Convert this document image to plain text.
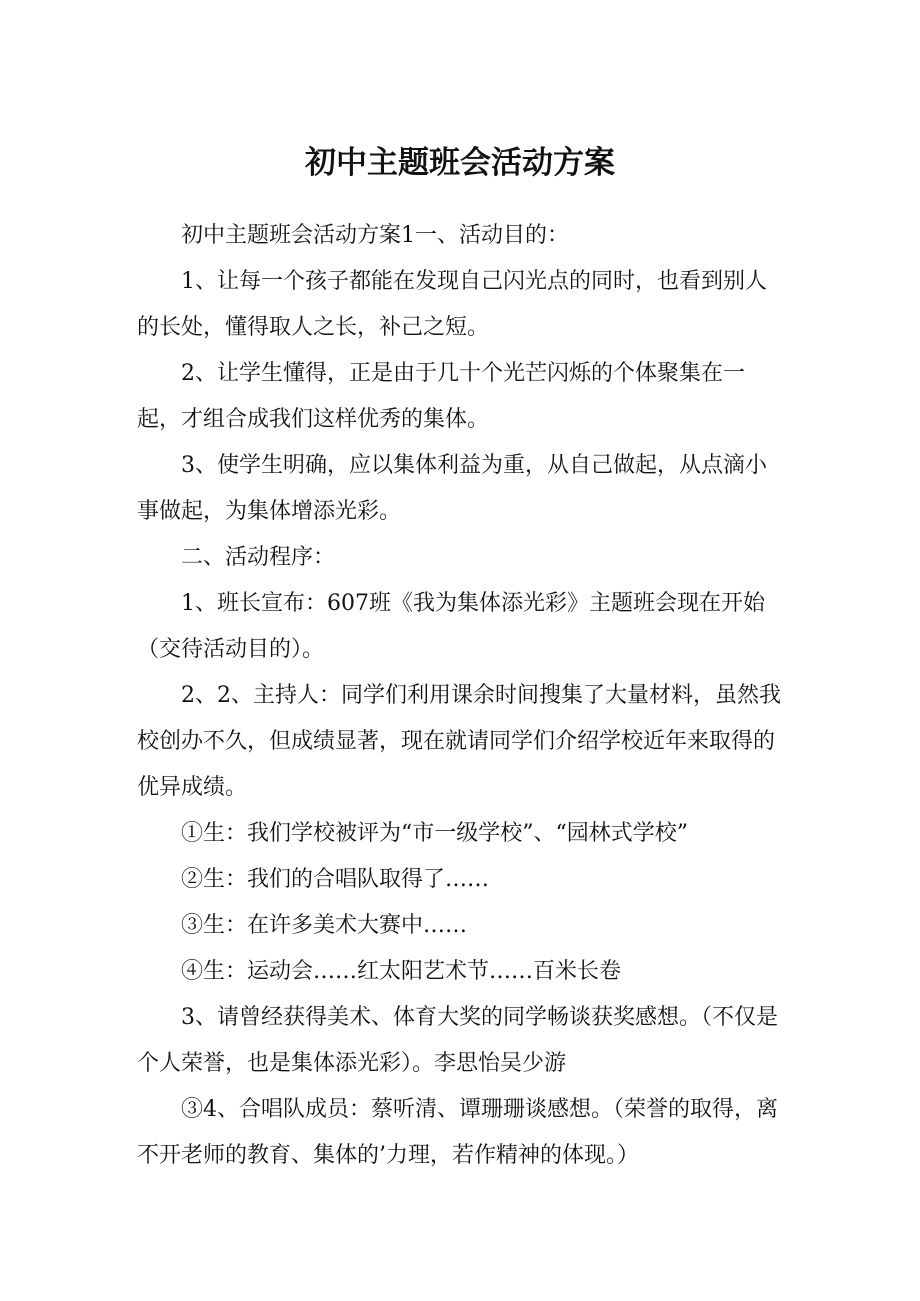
初中主题班会活动方案

初中主题班会活动方案1一、活动目的：

1、让每一个孩子都能在发现自己闪光点的同时，也看到别人的长处，懂得取人之长，补己之短。

2、让学生懂得，正是由于几十个光芒闪烁的个体聚集在一起，才组合成我们这样优秀的集体。

3、使学生明确，应以集体利益为重，从自己做起，从点滴小事做起，为集体增添光彩。

二、活动程序：

1、班长宣布：607班《我为集体添光彩》主题班会现在开始（交待活动目的）。

2、2、主持人：同学们利用课余时间搜集了大量材料，虽然我校创办不久，但成绩显著，现在就请同学们介绍学校近年来取得的优异成绩。

①生：我们学校被评为“市一级学校”、“园林式学校”

②生：我们的合唱队取得了……

③生：在许多美术大赛中……

④生：运动会……红太阳艺术节……百米长卷

3、请曾经获得美术、体育大奖的同学畅谈获奖感想。（不仅是个人荣誉，也是集体添光彩）。李思怡吴少游

③4、合唱队成员：蔡听清、谭珊珊谈感想。（荣誉的取得，离不开老师的教育、集体的’力理，若作精神的体现。）
